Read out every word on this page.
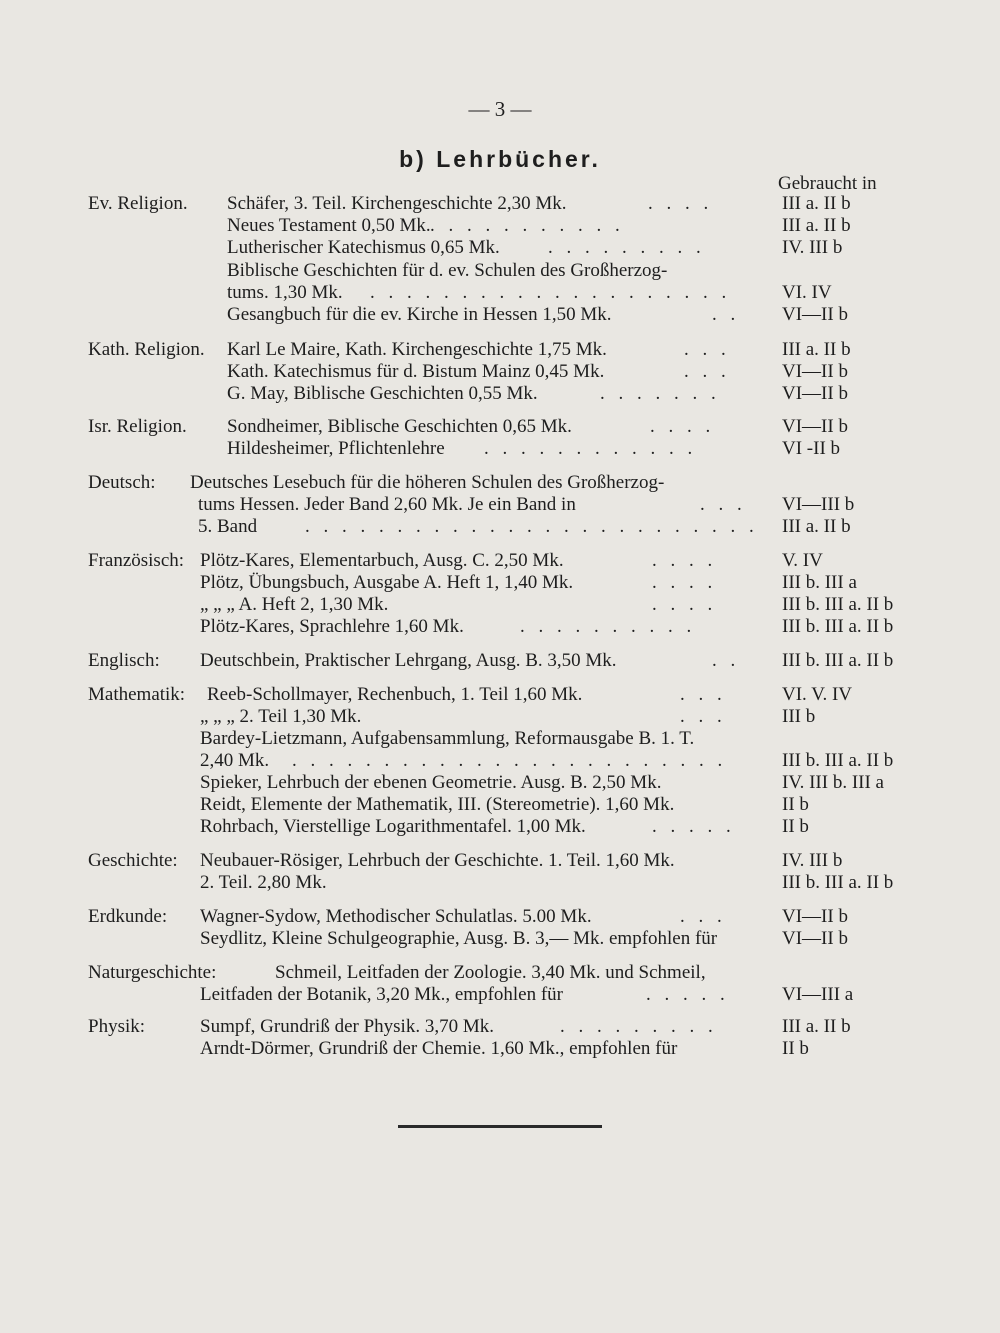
— 3 —
b) Lehrbücher.
Gebraucht in
Ev. Religion. Schäfer, 3. Teil. Kirchengeschichte 2,30 Mk.	. . . .	III a. II b
Neues Testament 0,50 Mk. . . . . . . . . . . .	III a. II b
Lutherischer Katechismus 0,65 Mk.	. . . . . . . . .	IV. III b
Biblische Geschichten für d. ev. Schulen des Großherzog-
tums. 1,30 Mk. . . . . . . . . . . . . . . . . . . . .	VI. IV
Gesangbuch für die ev. Kirche in Hessen 1,50 Mk.	. . VI—II b
Kath. Religion. Karl Le Maire, Kath. Kirchengeschichte 1,75 Mk.	. . .	III a. II b
Kath. Katechismus für d. Bistum Mainz 0,45 Mk.	. . .	VI—II b
G. May, Biblische Geschichten 0,55 Mk.	. . . . . . .	VI—II b
Isr. Religion. Sondheimer, Biblische Geschichten 0,65 Mk.	. . . .	VI—II b
Hildesheimer, Pflichtenlehre . . . . . . . . . . . .	VI -II b
Deutsch: Deutsches Lesebuch für die höheren Schulen des Großherzog-
tums Hessen. Jeder Band 2,60 Mk. Je ein Band in	. . . VI—III b
5. Band	. . . . . . . . . . . . . . . . . . . . . . . . . III a. II b
Französisch: Plötz-Kares, Elementarbuch, Ausg. C. 2,50 Mk.	. . . .	V. IV
Plötz, Übungsbuch, Ausgabe A. Heft 1, 1,40 Mk.	. . . .	III b. III a
„ „ „ A. Heft 2, 1,30 Mk.	. . . .	III b. III a. II b
Plötz-Kares, Sprachlehre 1,60 Mk.	. . . . . . . . . .	III b. III a. II b
Englisch: Deutschbein, Praktischer Lehrgang, Ausg. B. 3,50 Mk.	. . III b. III a. II b
Mathematik: Reeb-Schollmayer, Rechenbuch, 1. Teil 1,60 Mk.	. . .	VI. V. IV
„ „ „ 2. Teil 1,30 Mk.	. . .	III b
Bardey-Lietzmann, Aufgabensammlung, Reformausgabe B. 1. T.
2,40 Mk. . . . . . . . . . . . . . . . . . . . . . . . .	III b. III a. II b
Spieker, Lehrbuch der ebenen Geometrie. Ausg. B. 2,50 Mk.	IV. III b. III a
Reidt, Elemente der Mathematik, III. (Stereometrie). 1,60 Mk.	II b
Rohrbach, Vierstellige Logarithmentafel. 1,00 Mk.	. . . . . II b
Geschichte: Neubauer-Rösiger, Lehrbuch der Geschichte. 1. Teil. 1,60 Mk.	IV. III b
2. Teil. 2,80 Mk.	III b. III a. II b
Erdkunde: Wagner-Sydow, Methodischer Schulatlas. 5.00 Mk.	. . .	VI—II b
Seydlitz, Kleine Schulgeographie, Ausg. B. 3,— Mk. empfohlen für	VI—II b
Naturgeschichte:	Schmeil, Leitfaden der Zoologie. 3,40 Mk. und Schmeil,
Leitfaden der Botanik, 3,20 Mk., empfohlen für	. . . . .	VI—III a
Physik:	Sumpf, Grundriß der Physik. 3,70 Mk.	. . . . . . . . .	III a. II b
Arndt-Dörmer, Grundriß der Chemie. 1,60 Mk., empfohlen für	II b
